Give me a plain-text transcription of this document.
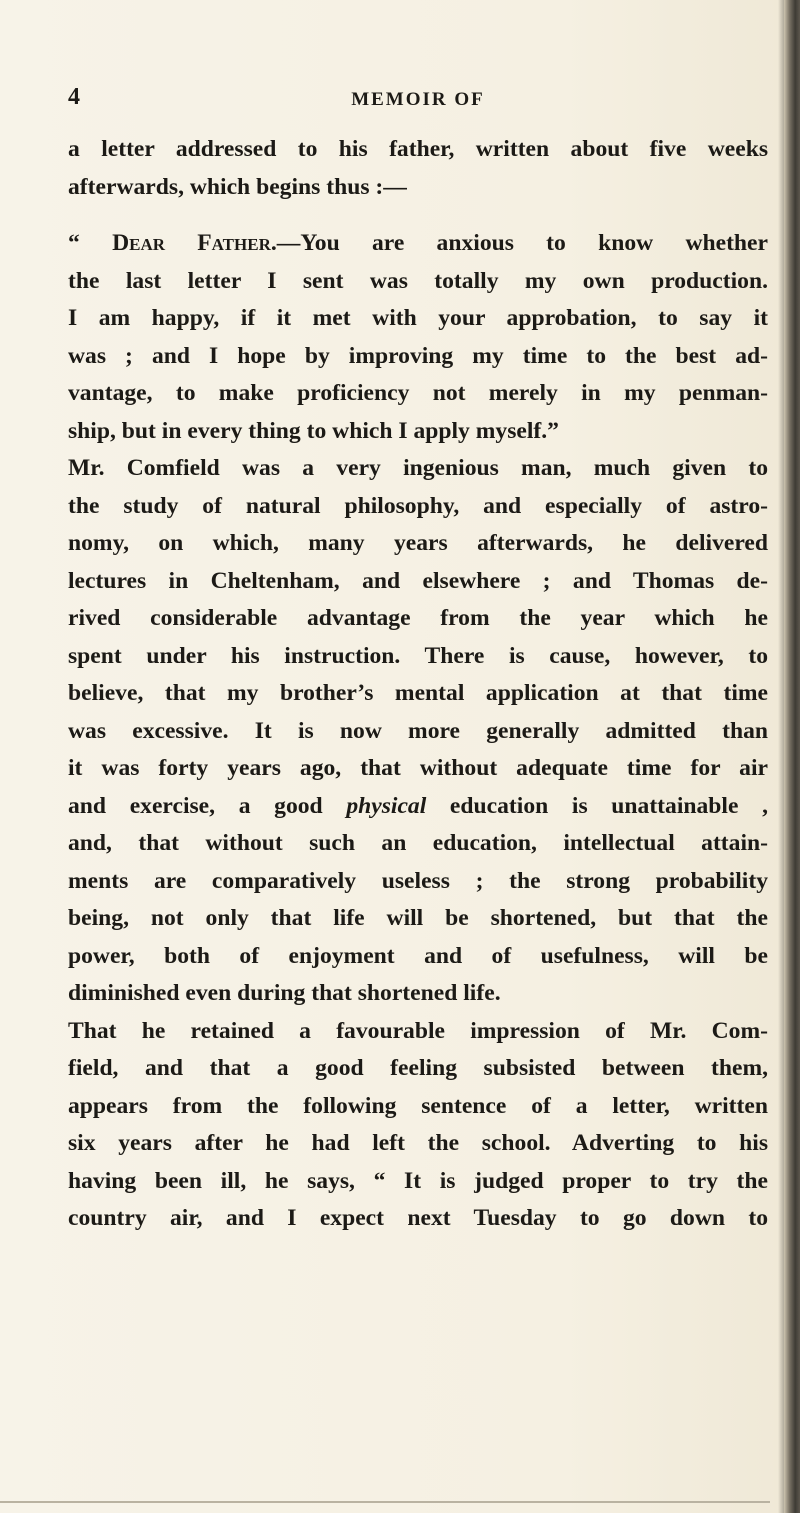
4	MEMOIR OF
a letter addressed to his father, written about five weeks
afterwards, which begins thus :—
“ Dear Father.—You are anxious to know whether
the last letter I sent was totally my own production.
I am happy, if it met with your approbation, to say it
was ; and I hope by improving my time to the best ad-
vantage, to make proficiency not merely in my penman-
ship, but in every thing to which I apply myself.”
Mr. Comfield was a very ingenious man, much given to
the study of natural philosophy, and especially of astro-
nomy, on which, many years afterwards, he delivered
lectures in Cheltenham, and elsewhere ; and Thomas de-
rived considerable advantage from the year which he
spent under his instruction. There is cause, however, to
believe, that my brother’s mental application at that time
was excessive. It is now more generally admitted than
it was forty years ago, that without adequate time for air
and exercise, a good physical education is unattainable ,
and, that without such an education, intellectual attain-
ments are comparatively useless ; the strong probability
being, not only that life will be shortened, but that the
power, both of enjoyment and of usefulness, will be
diminished even during that shortened life.
That he retained a favourable impression of Mr. Com-
field, and that a good feeling subsisted between them,
appears from the following sentence of a letter, written
six years after he had left the school. Adverting to his
having been ill, he says, “ It is judged proper to try the
country air, and I expect next Tuesday to go down to
